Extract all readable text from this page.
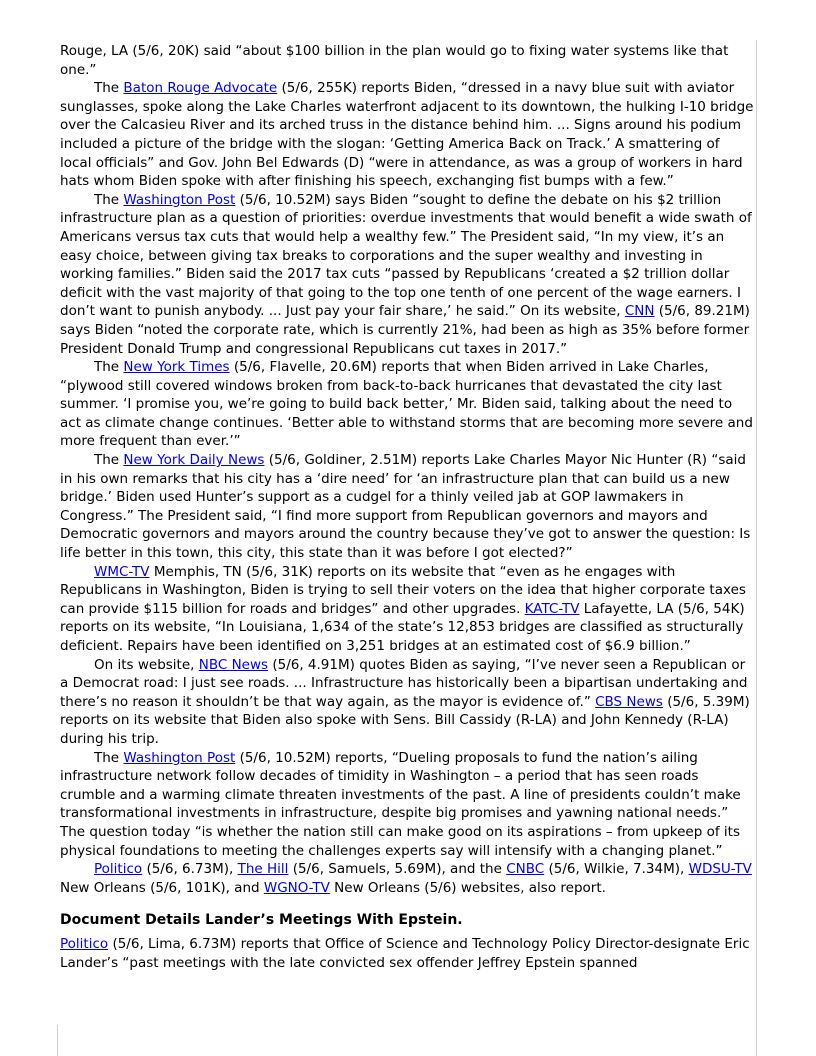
Rouge, LA (5/6, 20K) said “about $100 billion in the plan would go to fixing water systems like that one.”

The Baton Rouge Advocate (5/6, 255K) reports Biden, “dressed in a navy blue suit with aviator sunglasses, spoke along the Lake Charles waterfront adjacent to its downtown, the hulking I-10 bridge over the Calcasieu River and its arched truss in the distance behind him. ... Signs around his podium included a picture of the bridge with the slogan: ‘Getting America Back on Track.’ A smattering of local officials” and Gov. John Bel Edwards (D) “were in attendance, as was a group of workers in hard hats whom Biden spoke with after finishing his speech, exchanging fist bumps with a few.”

The Washington Post (5/6, 10.52M) says Biden “sought to define the debate on his $2 trillion infrastructure plan as a question of priorities: overdue investments that would benefit a wide swath of Americans versus tax cuts that would help a wealthy few.” The President said, “In my view, it’s an easy choice, between giving tax breaks to corporations and the super wealthy and investing in working families.” Biden said the 2017 tax cuts “passed by Republicans ‘created a $2 trillion dollar deficit with the vast majority of that going to the top one tenth of one percent of the wage earners. I don’t want to punish anybody. ... Just pay your fair share,’ he said.” On its website, CNN (5/6, 89.21M) says Biden “noted the corporate rate, which is currently 21%, had been as high as 35% before former President Donald Trump and congressional Republicans cut taxes in 2017.”

The New York Times (5/6, Flavelle, 20.6M) reports that when Biden arrived in Lake Charles, “plywood still covered windows broken from back-to-back hurricanes that devastated the city last summer. ‘I promise you, we’re going to build back better,’ Mr. Biden said, talking about the need to act as climate change continues. ‘Better able to withstand storms that are becoming more severe and more frequent than ever.’”

The New York Daily News (5/6, Goldiner, 2.51M) reports Lake Charles Mayor Nic Hunter (R) “said in his own remarks that his city has a ‘dire need’ for ‘an infrastructure plan that can build us a new bridge.’ Biden used Hunter’s support as a cudgel for a thinly veiled jab at GOP lawmakers in Congress.” The President said, “I find more support from Republican governors and mayors and Democratic governors and mayors around the country because they’ve got to answer the question: Is life better in this town, this city, this state than it was before I got elected?”

WMC-TV Memphis, TN (5/6, 31K) reports on its website that “even as he engages with Republicans in Washington, Biden is trying to sell their voters on the idea that higher corporate taxes can provide $115 billion for roads and bridges” and other upgrades. KATC-TV Lafayette, LA (5/6, 54K) reports on its website, “In Louisiana, 1,634 of the state’s 12,853 bridges are classified as structurally deficient. Repairs have been identified on 3,251 bridges at an estimated cost of $6.9 billion.”

On its website, NBC News (5/6, 4.91M) quotes Biden as saying, “I’ve never seen a Republican or a Democrat road: I just see roads. ... Infrastructure has historically been a bipartisan undertaking and there’s no reason it shouldn’t be that way again, as the mayor is evidence of.” CBS News (5/6, 5.39M) reports on its website that Biden also spoke with Sens. Bill Cassidy (R-LA) and John Kennedy (R-LA) during his trip.

The Washington Post (5/6, 10.52M) reports, “Dueling proposals to fund the nation’s ailing infrastructure network follow decades of timidity in Washington – a period that has seen roads crumble and a warming climate threaten investments of the past. A line of presidents couldn’t make transformational investments in infrastructure, despite big promises and yawning national needs.” The question today “is whether the nation still can make good on its aspirations – from upkeep of its physical foundations to meeting the challenges experts say will intensify with a changing planet.”

Politico (5/6, 6.73M), The Hill (5/6, Samuels, 5.69M), and the CNBC (5/6, Wilkie, 7.34M), WDSU-TV New Orleans (5/6, 101K), and WGNO-TV New Orleans (5/6) websites, also report.

Document Details Lander’s Meetings With Epstein.

Politico (5/6, Lima, 6.73M) reports that Office of Science and Technology Policy Director-designate Eric Lander’s “past meetings with the late convicted sex offender Jeffrey Epstein spanned
